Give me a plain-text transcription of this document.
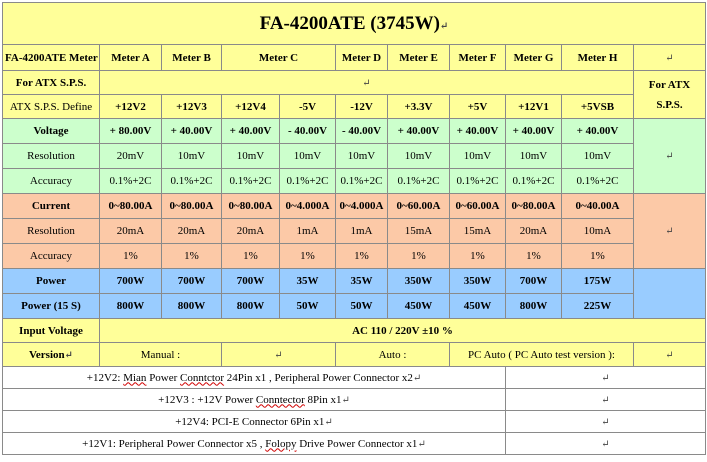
FA-4200ATE (3745W)↵										
FA-4200ATE Meter	Meter A	Meter B	Meter C		Meter D	Meter E	Meter F	Meter G	Meter H	↵
For ATX S.P.S.	↵									For ATX S.P.S.
ATX S.P.S. Define	+12V2	+12V3	+12V4	-5V	-12V	+3.3V	+5V	+12V1	+5VSB	
Voltage	+ 80.00V	+ 40.00V	+ 40.00V	- 40.00V	- 40.00V	+ 40.00V	+ 40.00V	+ 40.00V	+ 40.00V	↵
Resolution	20mV	10mV	10mV	10mV	10mV	10mV	10mV	10mV	10mV	
Accuracy	0.1%+2C	0.1%+2C	0.1%+2C	0.1%+2C	0.1%+2C	0.1%+2C	0.1%+2C	0.1%+2C	0.1%+2C	
Current	0~80.00A	0~80.00A	0~80.00A	0~4.000A	0~4.000A	0~60.00A	0~60.00A	0~80.00A	0~40.00A	↵
Resolution	20mA	20mA	20mA	1mA	1mA	15mA	15mA	20mA	10mA	
Accuracy	1%	1%	1%	1%	1%	1%	1%	1%	1%	
Power	700W	700W	700W	35W	35W	350W	350W	700W	175W	
Power (15 S)	800W	800W	800W	50W	50W	450W	450W	800W	225W	
Input Voltage	AC 110 / 220V ±10 %									
Version↵	Manual :		↵		Auto :		PC Auto ( PC Auto test version ):			↵
+12V2: Mian Power Conntctor 24Pin x1 , Peripheral Power Connector x2↵								↵		
+12V3 : +12V Power Conntector 8Pin x1↵								↵		
+12V4: PCI-E Connector 6Pin x1↵								↵		
+12V1: Peripheral Power Connector x5 , Folopy Drive Power Connector x1↵								↵		
